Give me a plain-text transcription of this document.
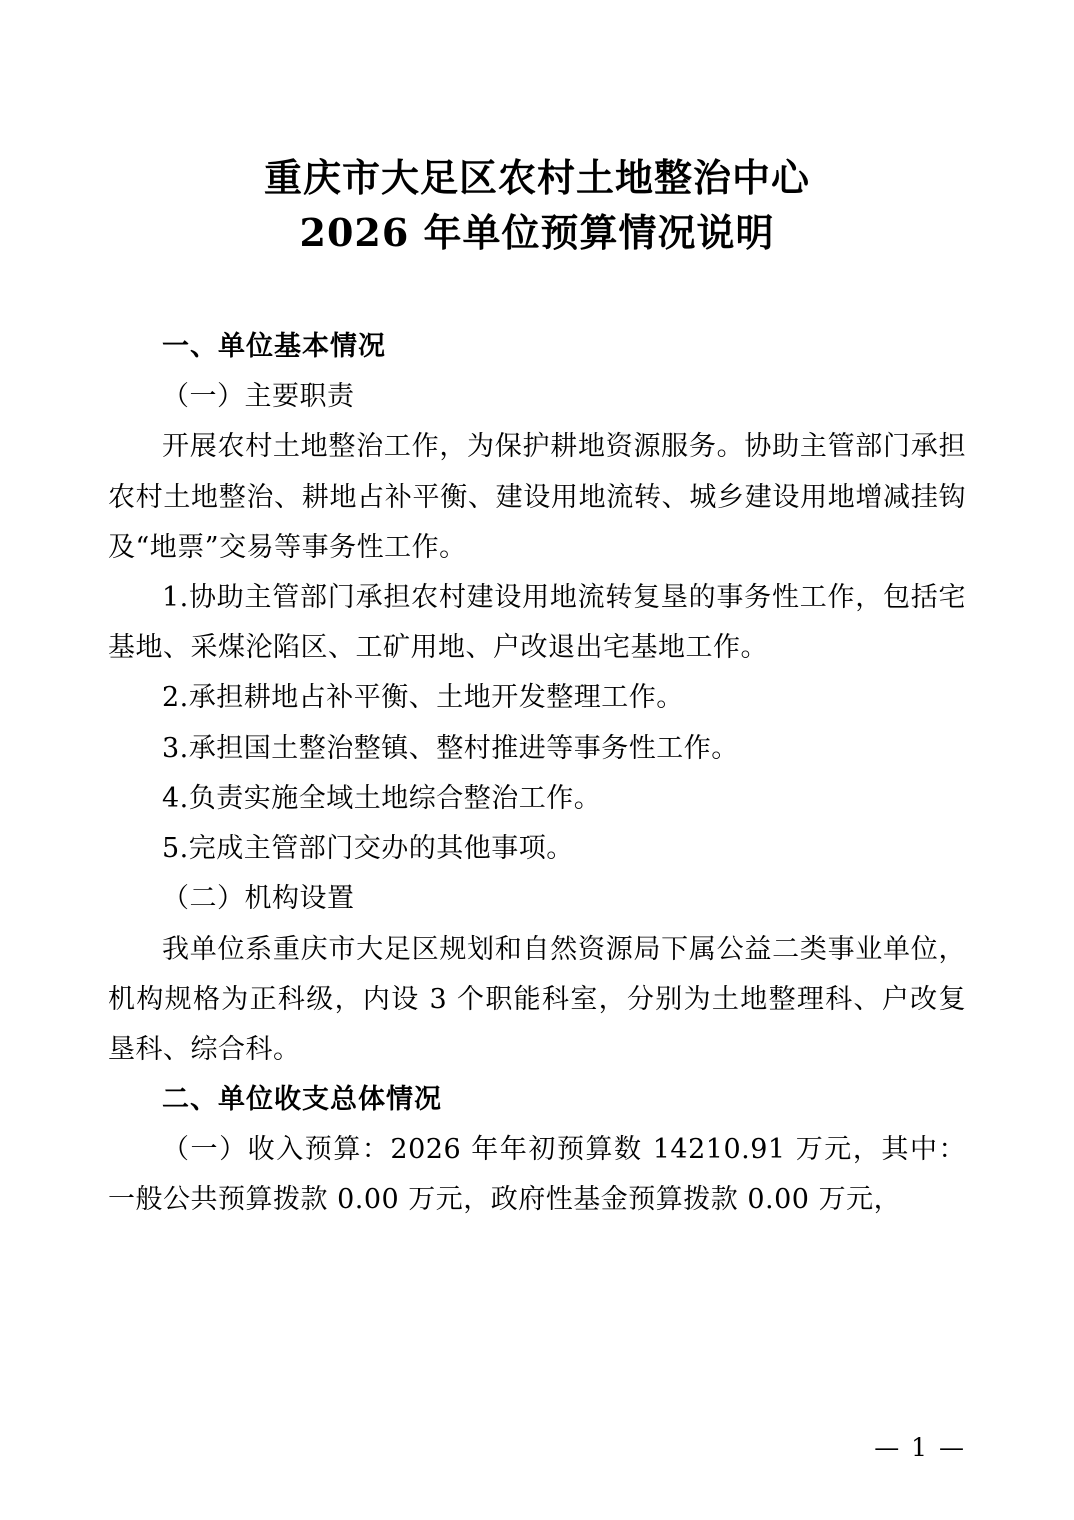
重庆市大足区农村土地整治中心
2026 年单位预算情况说明
一、单位基本情况

（一）主要职责

开展农村土地整治工作，为保护耕地资源服务。协助主管部门承担农村土地整治、耕地占补平衡、建设用地流转、城乡建设用地增减挂钩及“地票”交易等事务性工作。

1.协助主管部门承担农村建设用地流转复垦的事务性工作，包括宅基地、采煤沦陷区、工矿用地、户改退出宅基地工作。

2.承担耕地占补平衡、土地开发整理工作。

3.承担国土整治整镇、整村推进等事务性工作。

4.负责实施全域土地综合整治工作。

5.完成主管部门交办的其他事项。

（二）机构设置

我单位系重庆市大足区规划和自然资源局下属公益二类事业单位，机构规格为正科级，内设 3 个职能科室，分别为土地整理科、户改复垦科、综合科。

二、单位收支总体情况

（一）收入预算：2026 年年初预算数 14210.91 万元，其中：一般公共预算拨款 0.00 万元，政府性基金预算拨款 0.00 万元，

— 1 —
